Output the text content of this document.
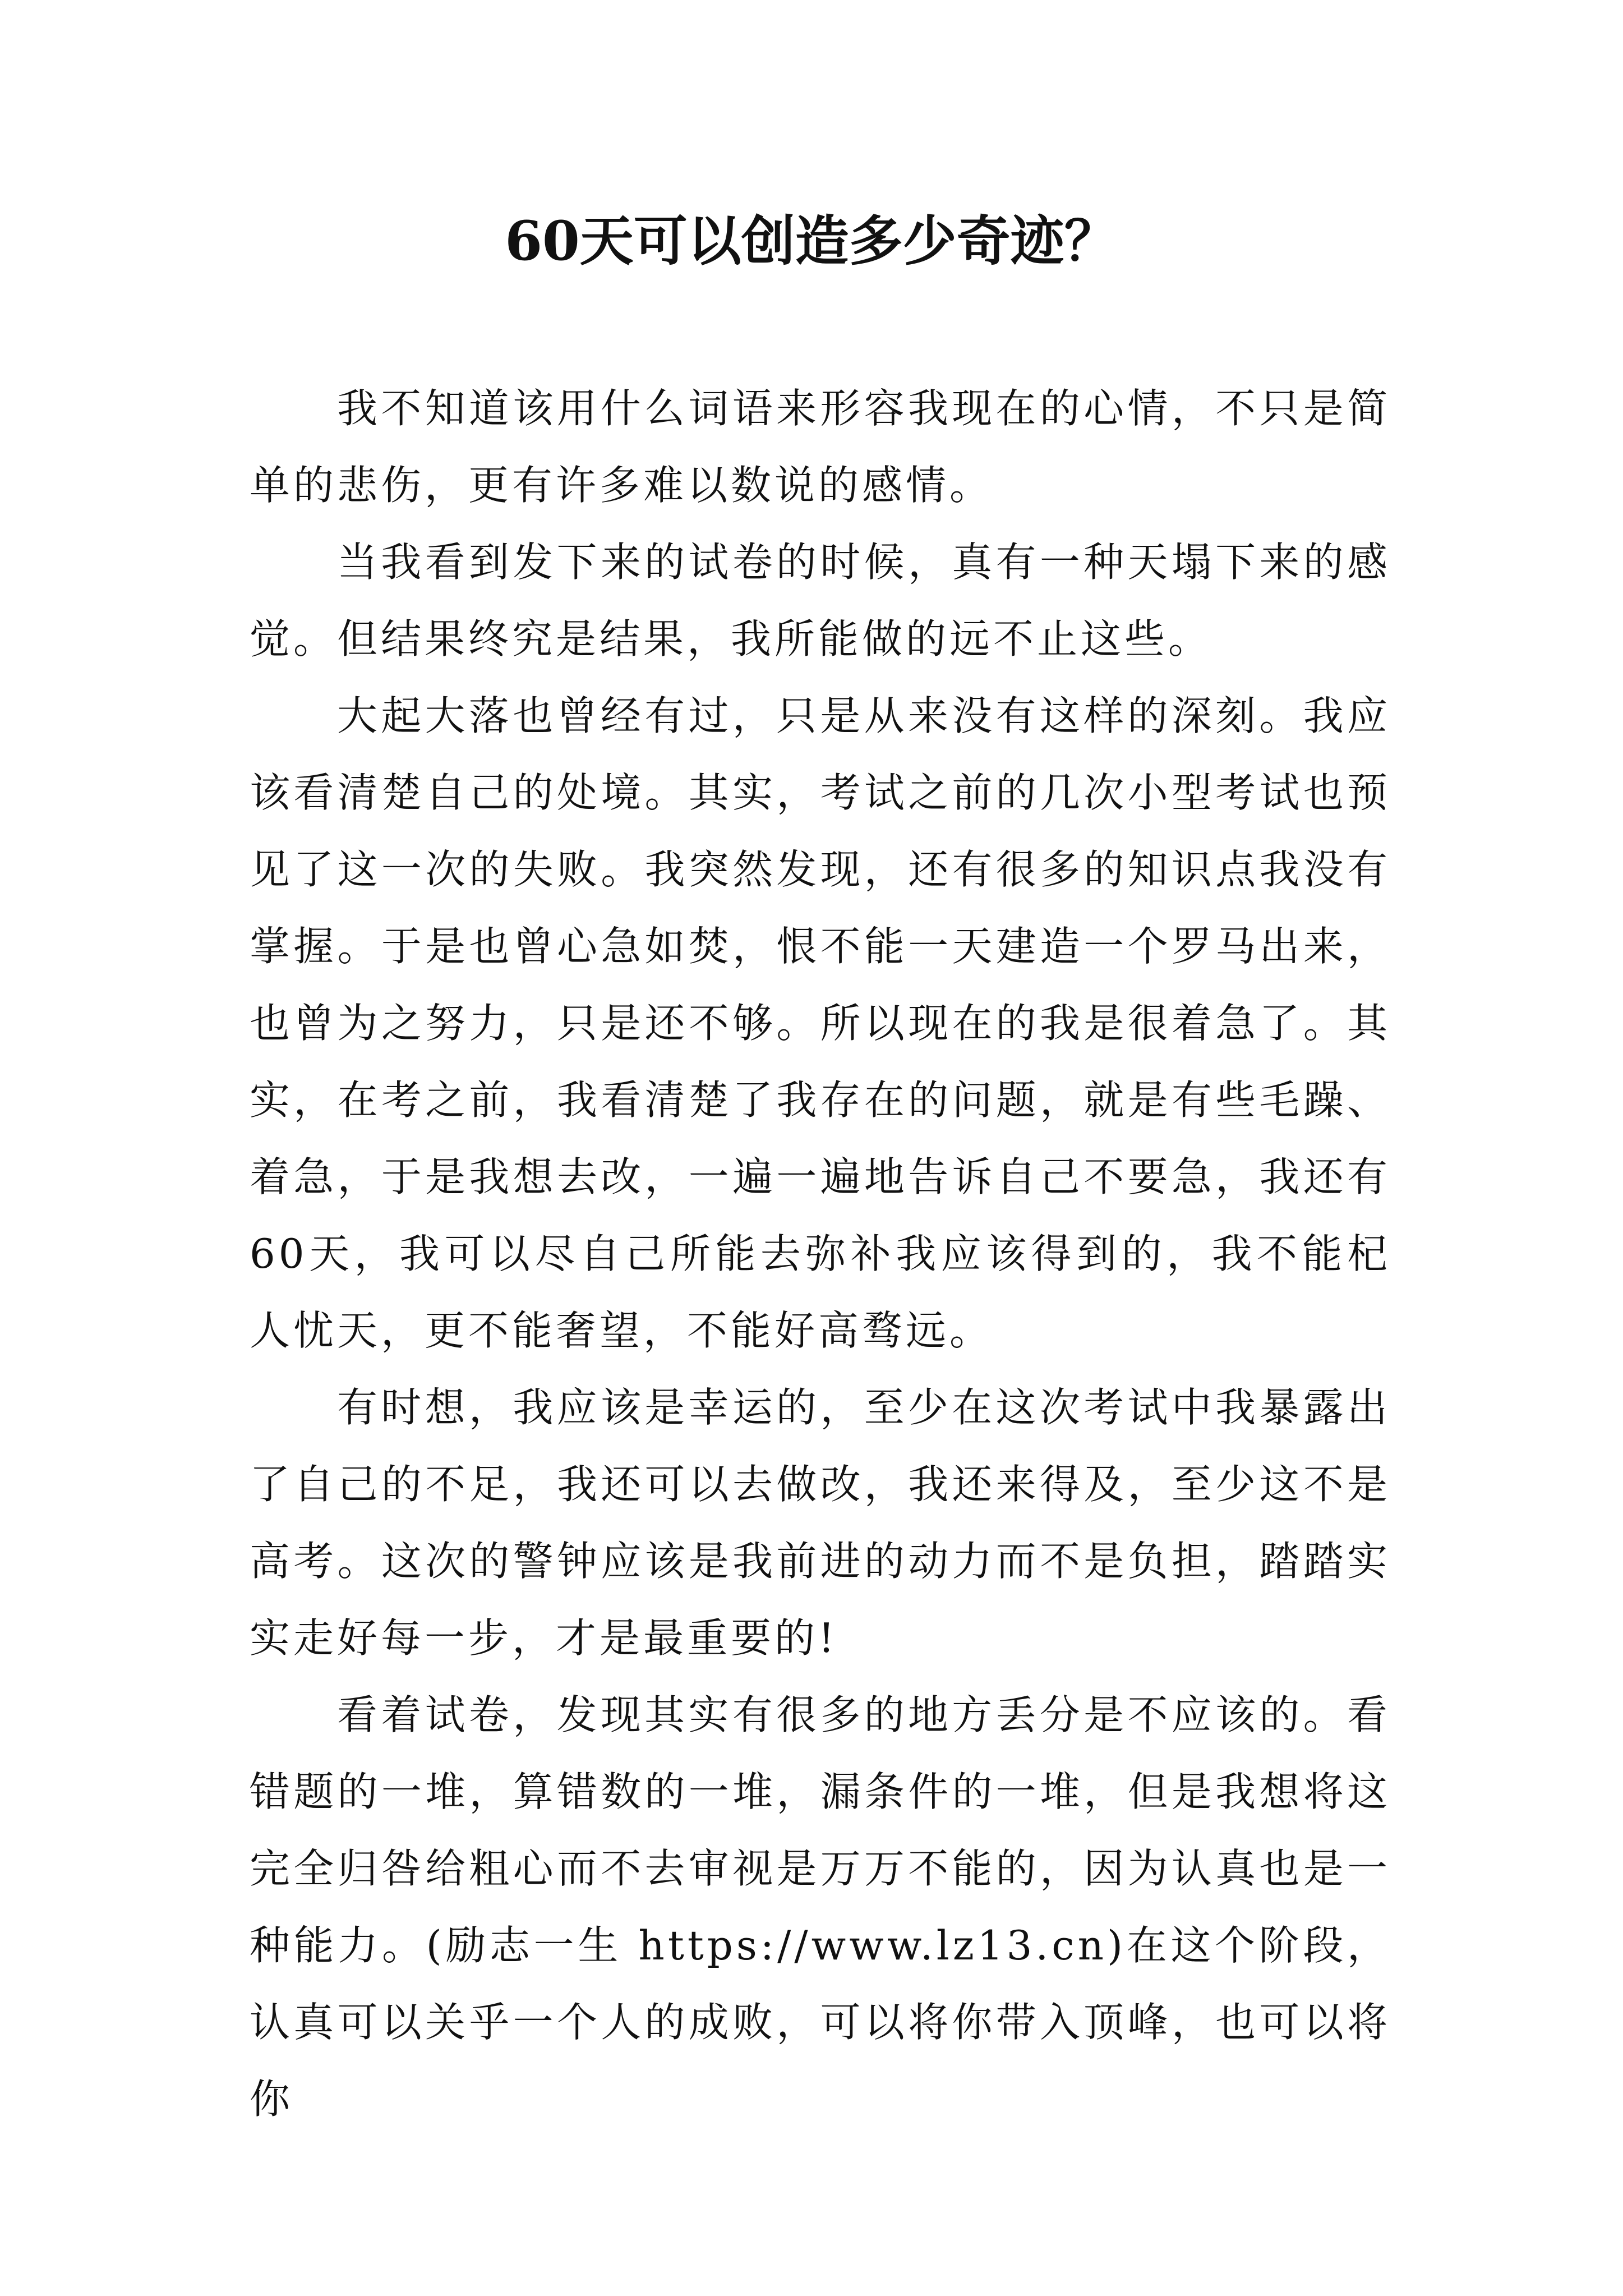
60天可以创造多少奇迹？

我不知道该用什么词语来形容我现在的心情，不只是简单的悲伤，更有许多难以数说的感情。

当我看到发下来的试卷的时候，真有一种天塌下来的感觉。但结果终究是结果，我所能做的远不止这些。

大起大落也曾经有过，只是从来没有这样的深刻。我应该看清楚自己的处境。其实，考试之前的几次小型考试也预见了这一次的失败。我突然发现，还有很多的知识点我没有掌握。于是也曾心急如焚，恨不能一天建造一个罗马出来，也曾为之努力，只是还不够。所以现在的我是很着急了。其实，在考之前，我看清楚了我存在的问题，就是有些毛躁、着急，于是我想去改，一遍一遍地告诉自己不要急，我还有60天，我可以尽自己所能去弥补我应该得到的，我不能杞人忧天，更不能奢望，不能好高骛远。

有时想，我应该是幸运的，至少在这次考试中我暴露出了自己的不足，我还可以去做改，我还来得及，至少这不是高考。这次的警钟应该是我前进的动力而不是负担，踏踏实实走好每一步，才是最重要的!

看着试卷，发现其实有很多的地方丢分是不应该的。看错题的一堆，算错数的一堆，漏条件的一堆，但是我想将这完全归咎给粗心而不去审视是万万不能的，因为认真也是一种能力。(励志一生 https://www.lz13.cn)在这个阶段，认真可以关乎一个人的成败，可以将你带入顶峰，也可以将你
